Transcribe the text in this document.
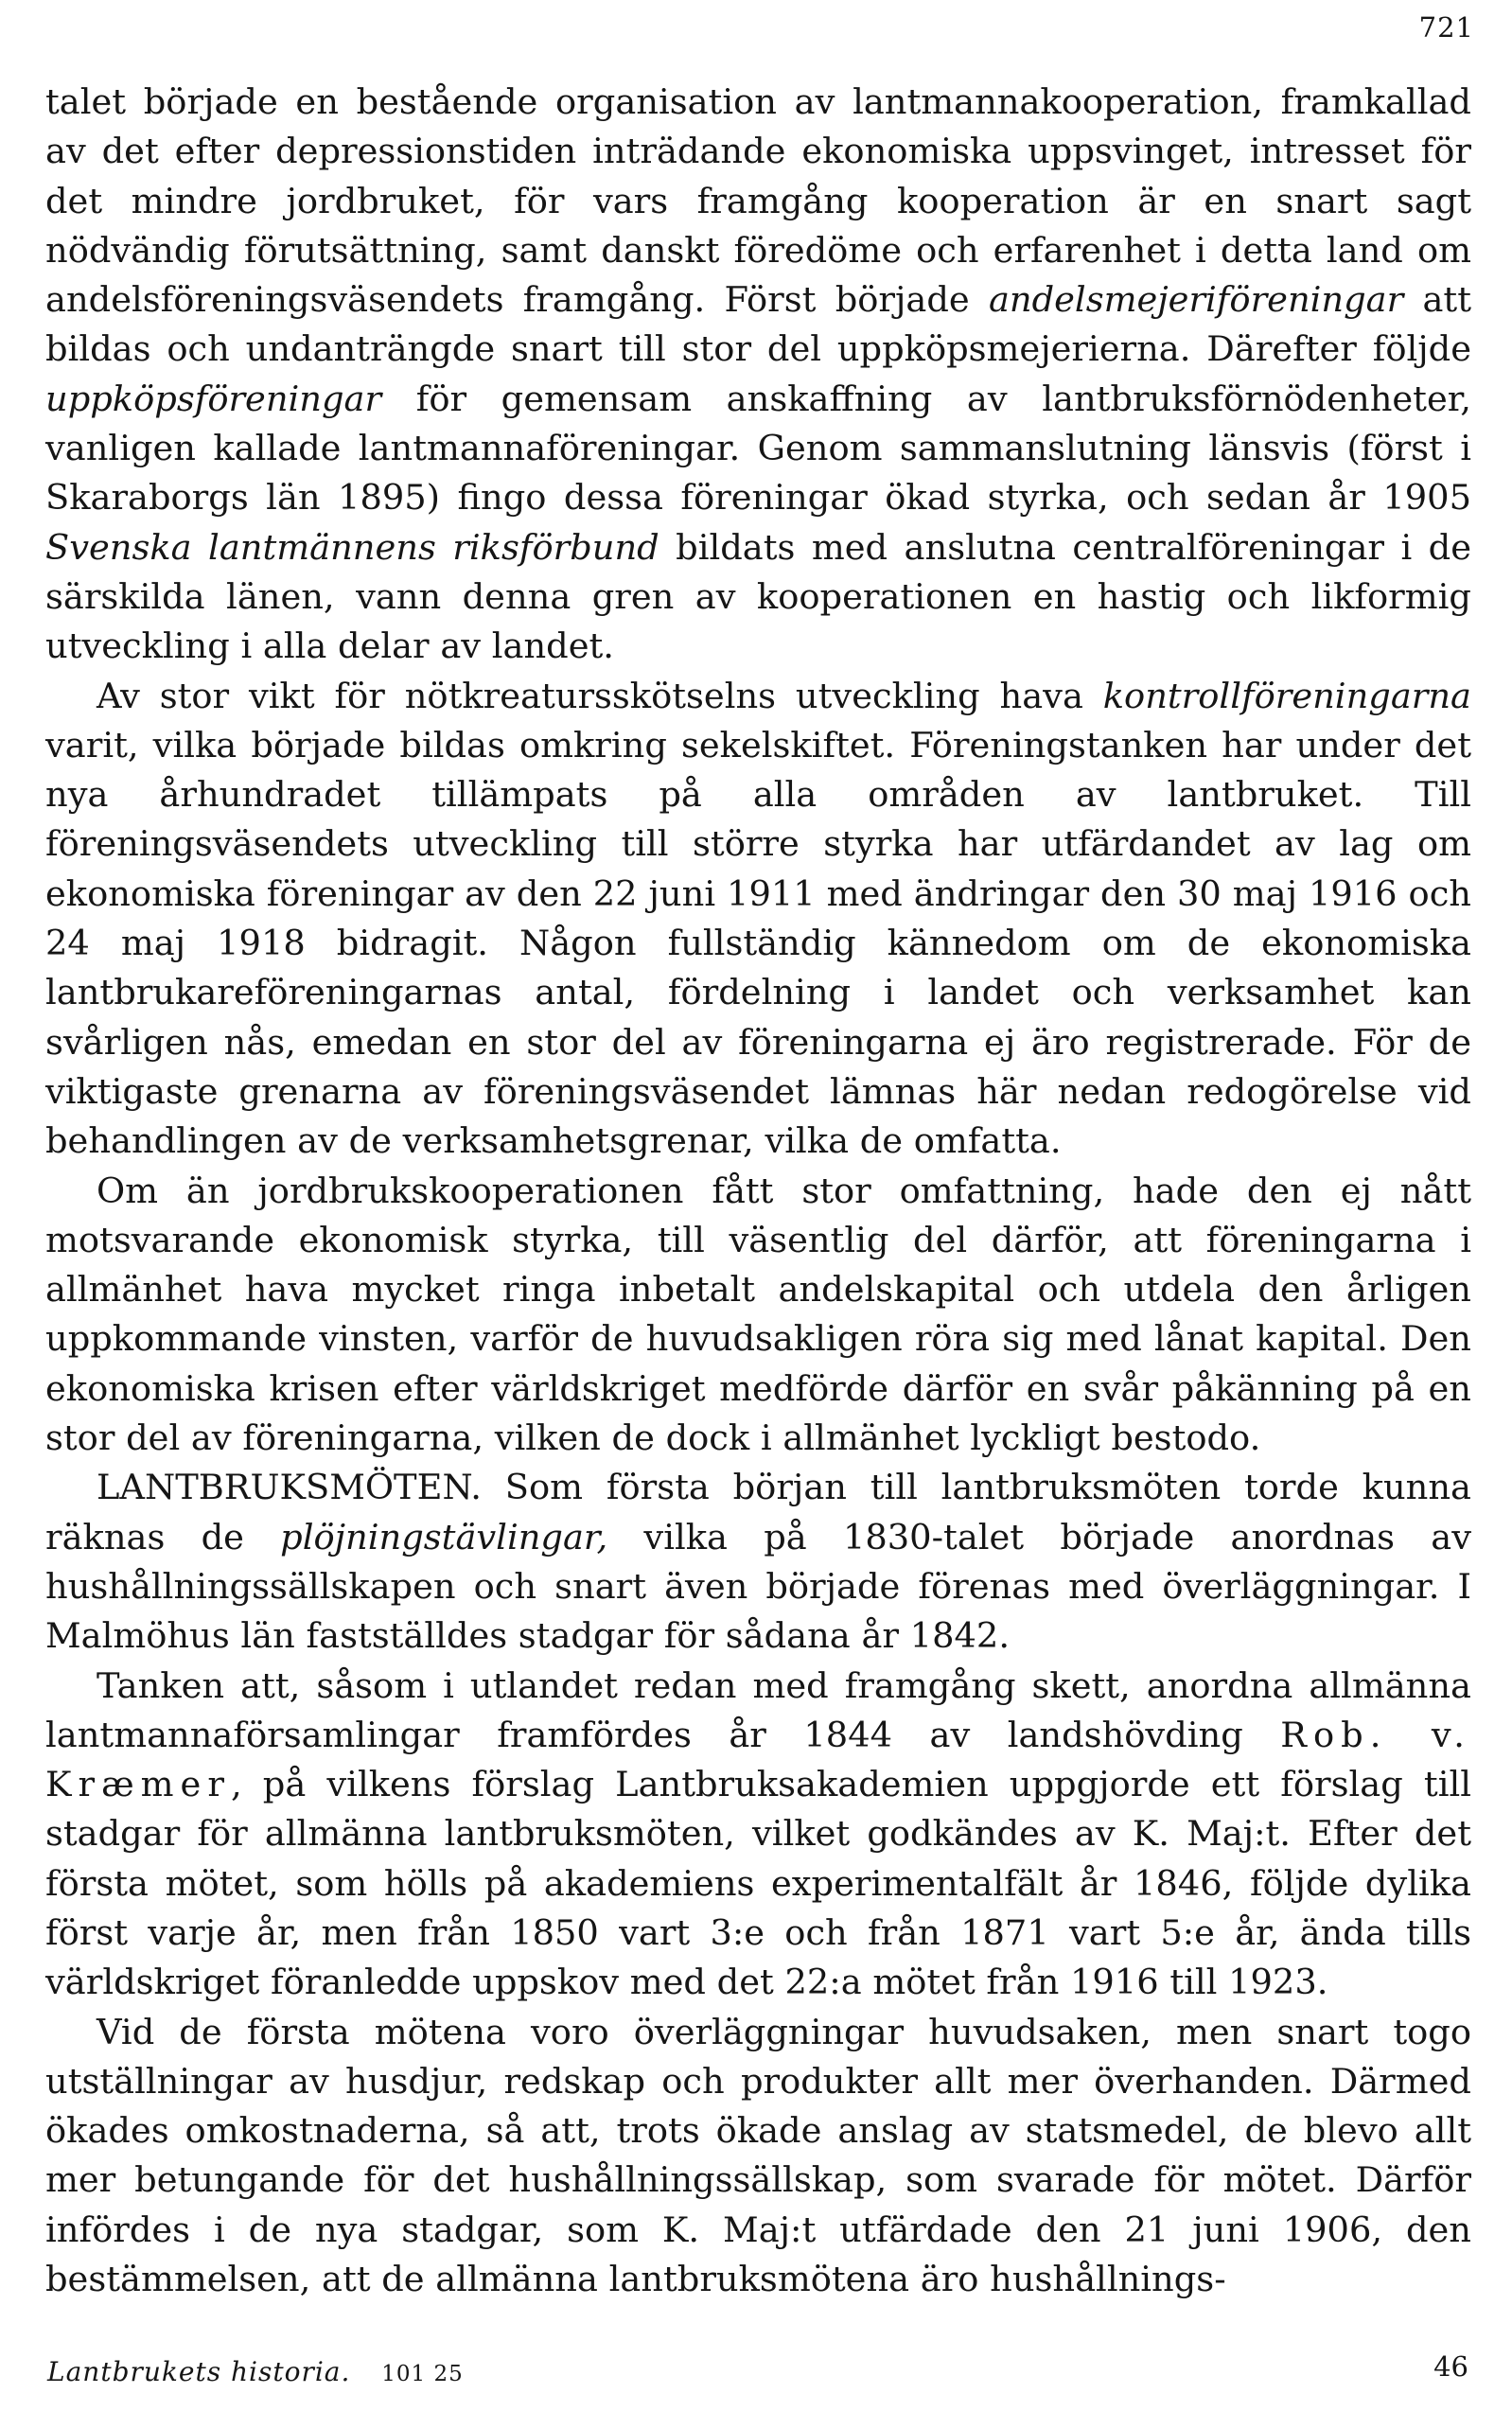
721

talet började en bestående organisation av lantmannakooperation, framkallad av det efter depressionstiden inträdande ekonomiska uppsvinget, intresset för det mindre jordbruket, för vars framgång kooperation är en snart sagt nödvändig förutsättning, samt danskt föredöme och erfarenhet i detta land om andelsföreningsväsendets framgång. Först började andelsmejeriföreningar att bildas och undanträngde snart till stor del uppköpsmejerierna. Därefter följde uppköpsföreningar för gemensam anskaffning av lantbruksförnödenheter, vanligen kallade lantmannaföreningar. Genom sammanslutning länsvis (först i Skaraborgs län 1895) fingo dessa föreningar ökad styrka, och sedan år 1905 Svenska lantmännens riksförbund bildats med anslutna centralföreningar i de särskilda länen, vann denna gren av kooperationen en hastig och likformig utveckling i alla delar av landet.

Av stor vikt för nötkreatursskötselns utveckling hava kontrollföreningarna varit, vilka började bildas omkring sekelskiftet. Föreningstanken har under det nya århundradet tillämpats på alla områden av lantbruket. Till föreningsväsendets utveckling till större styrka har utfärdandet av lag om ekonomiska föreningar av den 22 juni 1911 med ändringar den 30 maj 1916 och 24 maj 1918 bidragit. Någon fullständig kännedom om de ekonomiska lantbrukareföreningarnas antal, fördelning i landet och verksamhet kan svårligen nås, emedan en stor del av föreningarna ej äro registrerade. För de viktigaste grenarna av föreningsväsendet lämnas här nedan redogörelse vid behandlingen av de verksamhetsgrenar, vilka de omfatta.

Om än jordbrukskooperationen fått stor omfattning, hade den ej nått motsvarande ekonomisk styrka, till väsentlig del därför, att föreningarna i allmänhet hava mycket ringa inbetalt andelskapital och utdela den årligen uppkommande vinsten, varför de huvudsakligen röra sig med lånat kapital. Den ekonomiska krisen efter världskriget medförde därför en svår påkänning på en stor del av föreningarna, vilken de dock i allmänhet lyckligt bestodo.

LANTBRUKSMÖTEN. Som första början till lantbruksmöten torde kunna räknas de plöjningstävlingar, vilka på 1830-talet började anordnas av hushållningssällskapen och snart även började förenas med överläggningar. I Malmöhus län fastställdes stadgar för sådana år 1842.

Tanken att, såsom i utlandet redan med framgång skett, anordna allmänna lantmannaförsamlingar framfördes år 1844 av landshövding Rob. v. Kræmer, på vilkens förslag Lantbruksakademien uppgjorde ett förslag till stadgar för allmänna lantbruksmöten, vilket godkändes av K. Maj:t. Efter det första mötet, som hölls på akademiens experimentalfält år 1846, följde dylika först varje år, men från 1850 vart 3:e och från 1871 vart 5:e år, ända tills världskriget föranledde uppskov med det 22:a mötet från 1916 till 1923.

Vid de första mötena voro överläggningar huvudsaken, men snart togo utställningar av husdjur, redskap och produkter allt mer överhanden. Därmed ökades omkostnaderna, så att, trots ökade anslag av statsmedel, de blevo allt mer betungande för det hushållningssällskap, som svarade för mötet. Därför infördes i de nya stadgar, som K. Maj:t utfärdade den 21 juni 1906, den bestämmelsen, att de allmänna lantbruksmötena äro hushållnings-

Lantbrukets historia. 101 25	46
